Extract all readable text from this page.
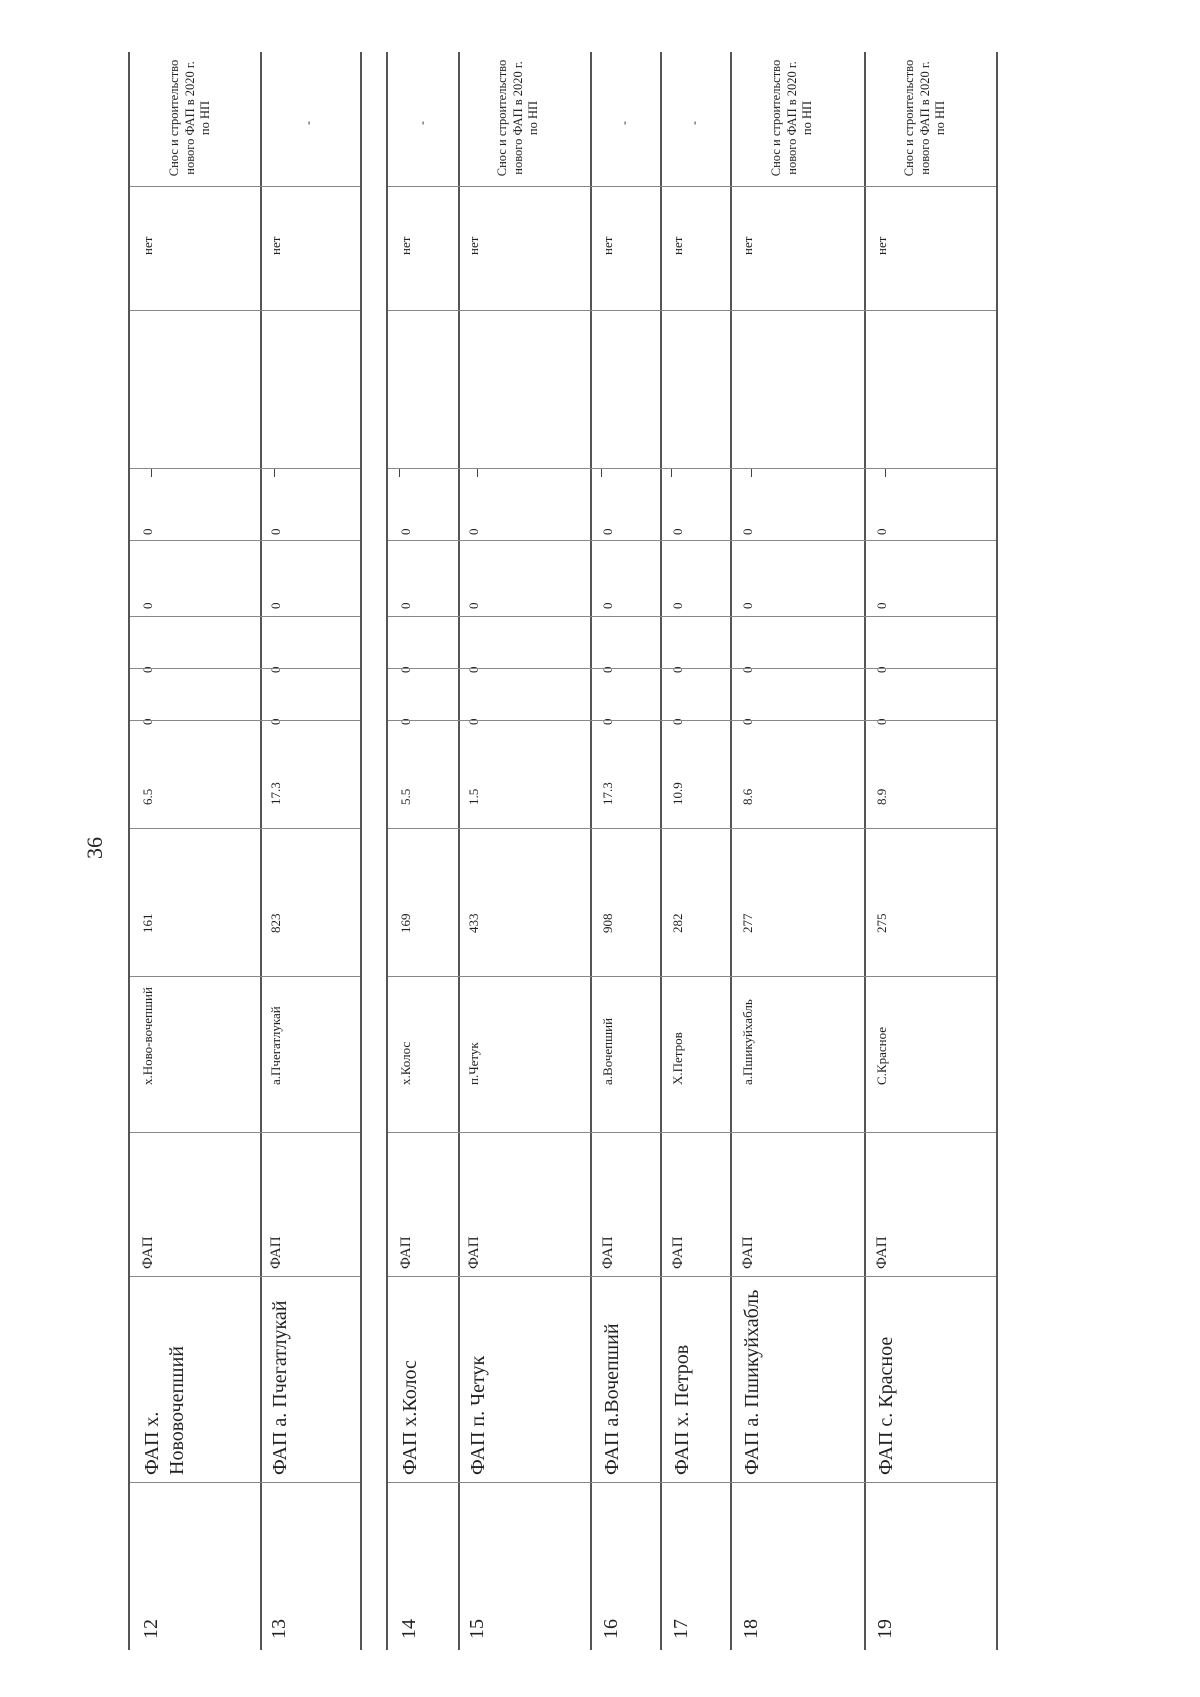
36
Снос и строительство нового ФАП в 2020 г. по НП
нет
0
0
0
0
6.5
161
х.Ново-вочепший
ФАП
ФАП х. Нововочепший
12
-
нет
0
0
0
0
17.3
823
а.Пчегатлукай
ФАП
ФАП а. Пчегатлукай
13
-
нет
0
0
0
0
5.5
169
х.Колос
ФАП
ФАП х.Колос
14
Снос и строительство нового ФАП в 2020 г. по НП
нет
0
0
0
0
1.5
433
п.Четук
ФАП
ФАП п. Четук
15
-
нет
0
0
0
0
17.3
908
а.Вочепший
ФАП
ФАП а.Вочепший
16
-
нет
0
0
0
0
10.9
282
Х.Петров
ФАП
ФАП х. Петров
17
Снос и строительство нового ФАП в 2020 г. по НП
нет
0
0
0
0
8.6
277
а.Пшикуйхабль
ФАП
ФАП а. Пшикуйхабль
18
Снос и строительство нового ФАП в 2020 г. по НП
нет
0
0
0
0
8.9
275
С.Красное
ФАП
ФАП с. Красное
19
